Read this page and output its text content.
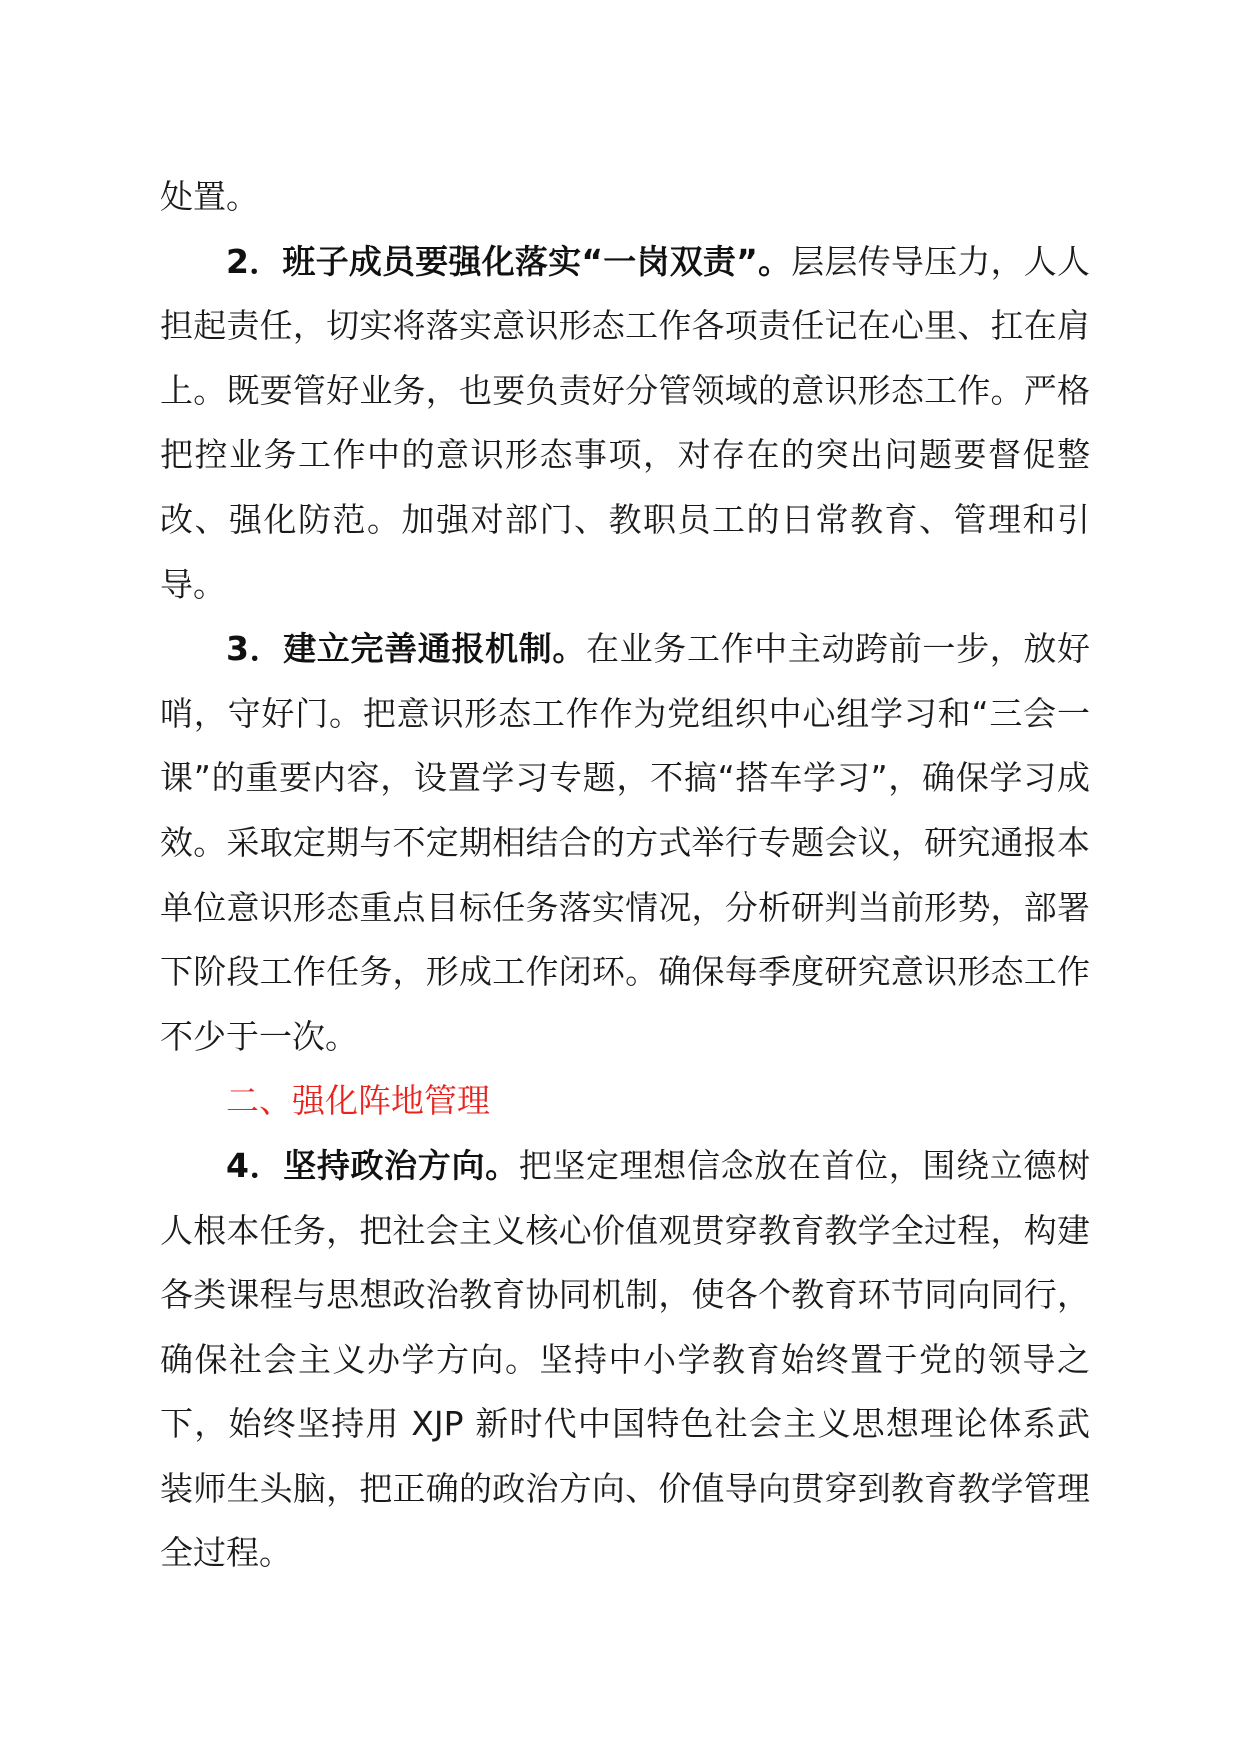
处置。

2．班子成员要强化落实“一岗双责”。层层传导压力，人人担起责任，切实将落实意识形态工作各项责任记在心里、扛在肩上。既要管好业务，也要负责好分管领域的意识形态工作。严格把控业务工作中的意识形态事项，对存在的突出问题要督促整改、强化防范。加强对部门、教职员工的日常教育、管理和引导。

3．建立完善通报机制。在业务工作中主动跨前一步，放好哨，守好门。把意识形态工作作为党组织中心组学习和“三会一课”的重要内容，设置学习专题，不搞“搭车学习”，确保学习成效。采取定期与不定期相结合的方式举行专题会议，研究通报本单位意识形态重点目标任务落实情况，分析研判当前形势，部署下阶段工作任务，形成工作闭环。确保每季度研究意识形态工作不少于一次。

二、强化阵地管理

4．坚持政治方向。把坚定理想信念放在首位，围绕立德树人根本任务，把社会主义核心价值观贯穿教育教学全过程，构建各类课程与思想政治教育协同机制，使各个教育环节同向同行，确保社会主义办学方向。坚持中小学教育始终置于党的领导之下，始终坚持用 XJP 新时代中国特色社会主义思想理论体系武装师生头脑，把正确的政治方向、价值导向贯穿到教育教学管理全过程。
